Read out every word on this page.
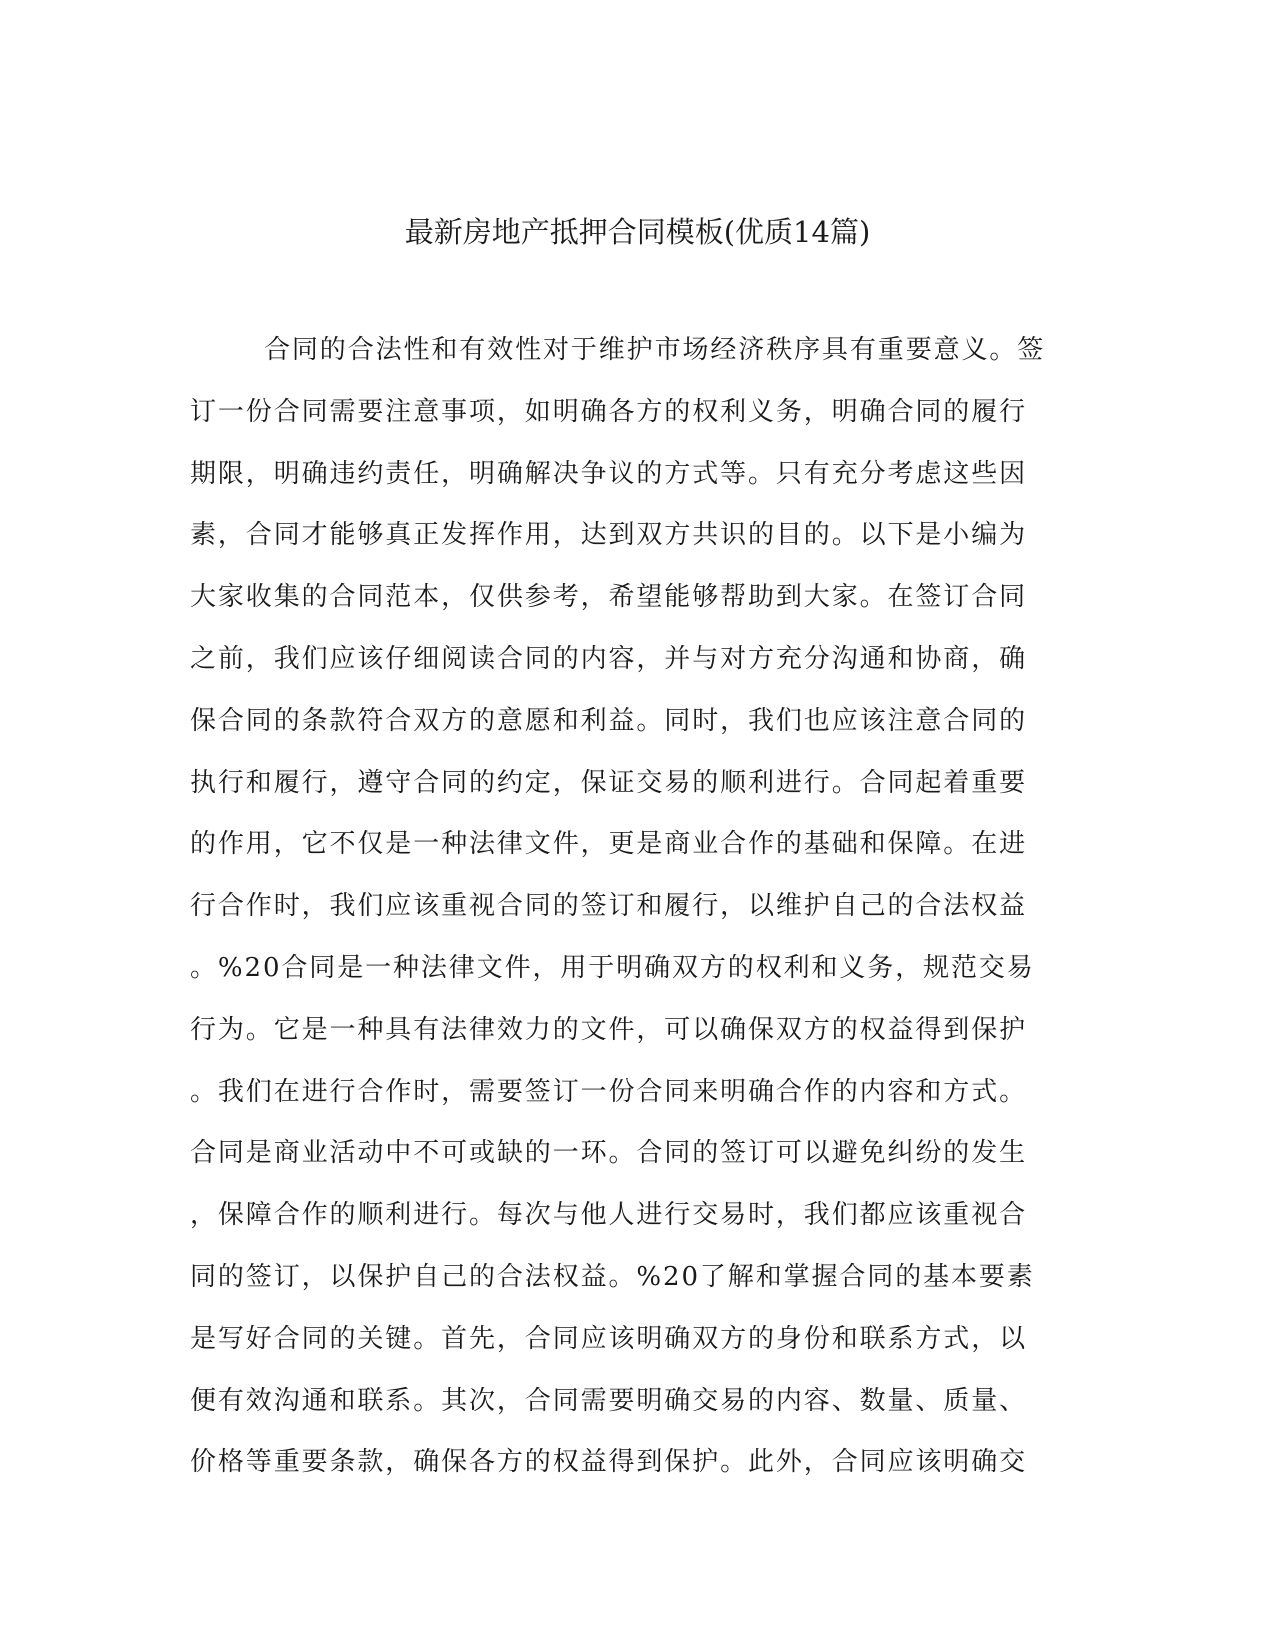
最新房地产抵押合同模板(优质14篇)
合同的合法性和有效性对于维护市场经济秩序具有重要意义。签
订一份合同需要注意事项，如明确各方的权利义务，明确合同的履行
期限，明确违约责任，明确解决争议的方式等。只有充分考虑这些因
素，合同才能够真正发挥作用，达到双方共识的目的。以下是小编为
大家收集的合同范本，仅供参考，希望能够帮助到大家。在签订合同
之前，我们应该仔细阅读合同的内容，并与对方充分沟通和协商，确
保合同的条款符合双方的意愿和利益。同时，我们也应该注意合同的
执行和履行，遵守合同的约定，保证交易的顺利进行。合同起着重要
的作用，它不仅是一种法律文件，更是商业合作的基础和保障。在进
行合作时，我们应该重视合同的签订和履行，以维护自己的合法权益
。%20合同是一种法律文件，用于明确双方的权利和义务，规范交易
行为。它是一种具有法律效力的文件，可以确保双方的权益得到保护
。我们在进行合作时，需要签订一份合同来明确合作的内容和方式。
合同是商业活动中不可或缺的一环。合同的签订可以避免纠纷的发生
，保障合作的顺利进行。每次与他人进行交易时，我们都应该重视合
同的签订，以保护自己的合法权益。%20了解和掌握合同的基本要素
是写好合同的关键。首先，合同应该明确双方的身份和联系方式，以
便有效沟通和联系。其次，合同需要明确交易的内容、数量、质量、
价格等重要条款，确保各方的权益得到保护。此外，合同应该明确交
